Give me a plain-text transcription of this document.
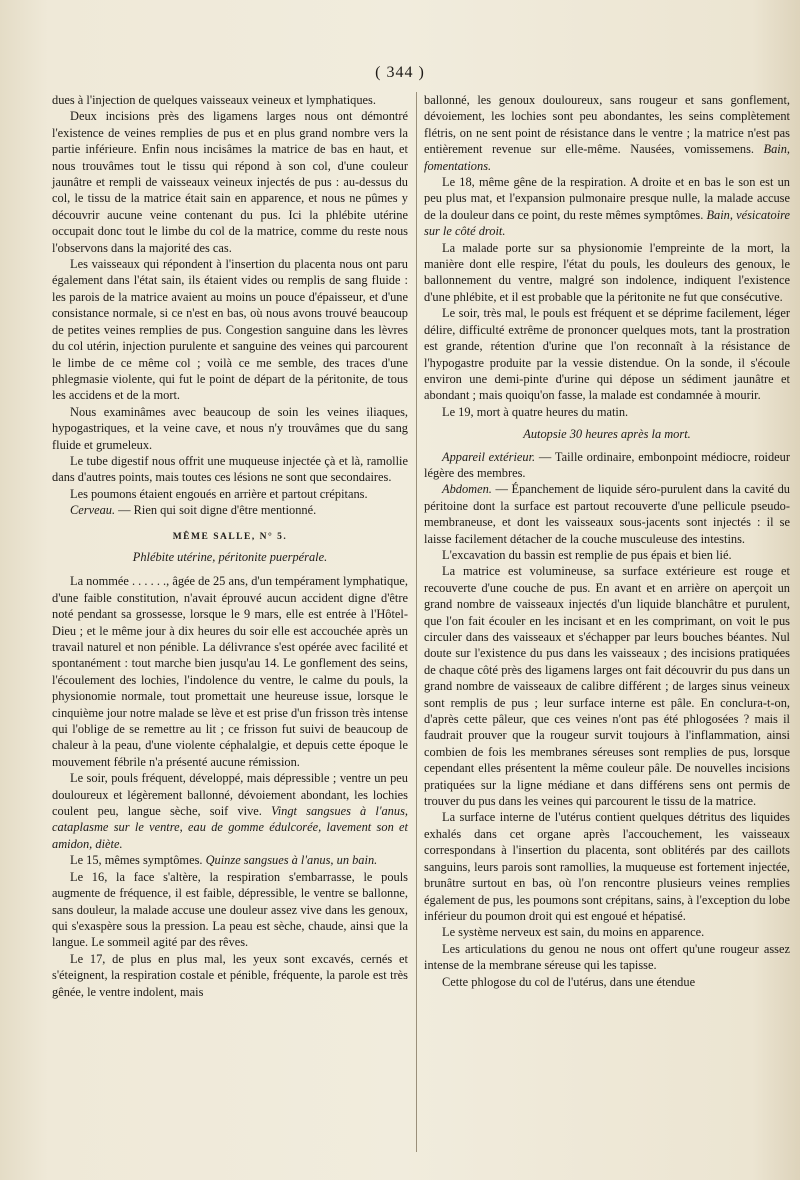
( 344 )

dues à l'injection de quelques vaisseaux veineux et lymphatiques.

Deux incisions près des ligamens larges nous ont démontré l'existence de veines remplies de pus et en plus grand nombre vers la partie inférieure. Enfin nous incisâmes la matrice de bas en haut, et nous trouvâmes tout le tissu qui répond à son col, d'une couleur jaunâtre et rempli de vaisseaux veineux injectés de pus : au-dessus du col, le tissu de la matrice était sain en apparence, et nous ne pûmes y découvrir aucune veine contenant du pus. Ici la phlébite utérine occupait donc tout le limbe du col de la matrice, comme du reste nous l'observons dans la majorité des cas.

Les vaisseaux qui répondent à l'insertion du placenta nous ont paru également dans l'état sain, ils étaient vides ou remplis de sang fluide : les parois de la matrice avaient au moins un pouce d'épaisseur, et d'une consistance normale, si ce n'est en bas, où nous avons trouvé beaucoup de petites veines remplies de pus. Congestion sanguine dans les lèvres du col utérin, injection purulente et sanguine des veines qui parcourent le limbe de ce même col ; voilà ce me semble, des traces d'une phlegmasie violente, qui fut le point de départ de la péritonite, de tous les accidens et de la mort.

Nous examinâmes avec beaucoup de soin les veines iliaques, hypogastriques, et la veine cave, et nous n'y trouvâmes que du sang fluide et grumeleux.

Le tube digestif nous offrit une muqueuse injectée çà et là, ramollie dans d'autres points, mais toutes ces lésions ne sont que secondaires.

Les poumons étaient engoués en arrière et partout crépitans.

Cerveau. — Rien qui soit digne d'être mentionné.

MÊME SALLE, N° 5.
Phlébite utérine, péritonite puerpérale.

La nommée . . . . . ., âgée de 25 ans, d'un tempérament lymphatique, d'une faible constitution, n'avait éprouvé aucun accident digne d'être noté pendant sa grossesse, lorsque le 9 mars, elle est entrée à l'Hôtel-Dieu ; et le même jour à dix heures du soir elle est accouchée après un travail naturel et non pénible. La délivrance s'est opérée avec facilité et spontanément : tout marche bien jusqu'au 14. Le gonflement des seins, l'écoulement des lochies, l'indolence du ventre, le calme du pouls, la physionomie normale, tout promettait une heureuse issue, lorsque le cinquième jour notre malade se lève et est prise d'un frisson très intense qui l'oblige de se remettre au lit ; ce frisson fut suivi de beaucoup de chaleur à la peau, d'une violente céphalalgie, et depuis cette époque le mouvement fébrile n'a présenté aucune rémission.

Le soir, pouls fréquent, développé, mais dépressible ; ventre un peu douloureux et légèrement ballonné, dévoiement abondant, les lochies coulent peu, langue sèche, soif vive. Vingt sangsues à l'anus, cataplasme sur le ventre, eau de gomme édulcorée, lavement son et amidon, diète.

Le 15, mêmes symptômes. Quinze sangsues à l'anus, un bain.

Le 16, la face s'altère, la respiration s'embarrasse, le pouls augmente de fréquence, il est faible, dépressible, le ventre se ballonne, sans douleur, la malade accuse une douleur assez vive dans les genoux, qui s'exaspère sous la pression. La peau est sèche, chaude, ainsi que la langue. Le sommeil agité par des rêves.

Le 17, de plus en plus mal, les yeux sont excavés, cernés et s'éteignent, la respiration costale et pénible, fréquente, la parole est très gênée, le ventre indolent, mais

ballonné, les genoux douloureux, sans rougeur et sans gonflement, dévoiement, les lochies sont peu abondantes, les seins complètement flétris, on ne sent point de résistance dans le ventre ; la matrice n'est pas entièrement revenue sur elle-même. Nausées, vomissemens. Bain, fomentations.

Le 18, même gêne de la respiration. A droite et en bas le son est un peu plus mat, et l'expansion pulmonaire presque nulle, la malade accuse de la douleur dans ce point, du reste mêmes symptômes. Bain, vésicatoire sur le côté droit.

La malade porte sur sa physionomie l'empreinte de la mort, la manière dont elle respire, l'état du pouls, les douleurs des genoux, le ballonnement du ventre, malgré son indolence, indiquent l'existence d'une phlébite, et il est probable que la péritonite ne fut que consécutive.

Le soir, très mal, le pouls est fréquent et se déprime facilement, léger délire, difficulté extrême de prononcer quelques mots, tant la prostration est grande, rétention d'urine que l'on reconnaît à la résistance de l'hypogastre produite par la vessie distendue. On la sonde, il s'écoule environ une demi-pinte d'urine qui dépose un sédiment jaunâtre et abondant ; mais quoiqu'on fasse, la malade est condamnée à mourir.

Le 19, mort à quatre heures du matin.

Autopsie 30 heures après la mort.

Appareil extérieur. — Taille ordinaire, embonpoint médiocre, roideur légère des membres.

Abdomen. — Épanchement de liquide séro-purulent dans la cavité du péritoine dont la surface est partout recouverte d'une pellicule pseudo-membraneuse, et dont les vaisseaux sous-jacents sont injectés : il se laisse facilement détacher de la couche musculeuse des intestins.

L'excavation du bassin est remplie de pus épais et bien lié.

La matrice est volumineuse, sa surface extérieure est rouge et recouverte d'une couche de pus. En avant et en arrière on aperçoit un grand nombre de vaisseaux injectés d'un liquide blanchâtre et purulent, que l'on fait écouler en les incisant et en les comprimant, on voit le pus circuler dans des vaisseaux et s'échapper par leurs bouches béantes. Nul doute sur l'existence du pus dans les vaisseaux ; des incisions pratiquées de chaque côté près des ligamens larges ont fait découvrir du pus dans un grand nombre de vaisseaux de calibre différent ; de larges sinus veineux sont remplis de pus ; leur surface interne est pâle. En conclura-t-on, d'après cette pâleur, que ces veines n'ont pas été phlogosées ? mais il faudrait prouver que la rougeur survit toujours à l'inflammation, ainsi combien de fois les membranes séreuses sont remplies de pus, lorsque cependant elles présentent la même couleur pâle. De nouvelles incisions pratiquées sur la ligne médiane et dans différens sens ont permis de trouver du pus dans les veines qui parcourent le tissu de la matrice.

La surface interne de l'utérus contient quelques détritus des liquides exhalés dans cet organe après l'accouchement, les vaisseaux correspondans à l'insertion du placenta, sont oblitérés par des caillots sanguins, leurs parois sont ramollies, la muqueuse est fortement injectée, brunâtre surtout en bas, où l'on rencontre plusieurs veines remplies également de pus, les poumons sont crépitans, sains, à l'exception du lobe inférieur du poumon droit qui est engoué et hépatisé.

Le système nerveux est sain, du moins en apparence.

Les articulations du genou ne nous ont offert qu'une rougeur assez intense de la membrane séreuse qui les tapisse.

Cette phlogose du col de l'utérus, dans une étendue
